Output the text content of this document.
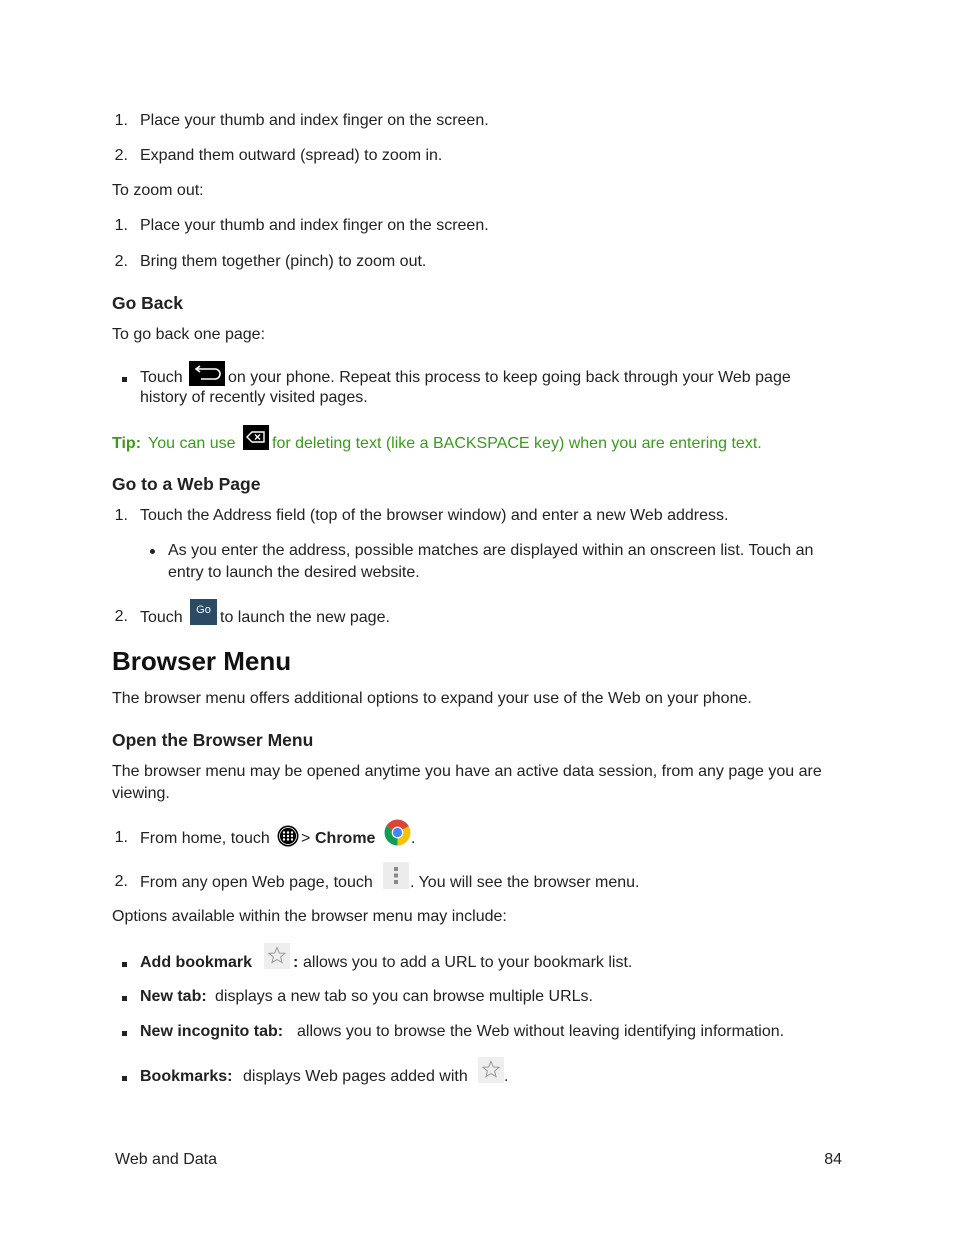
1. Place your thumb and index finger on the screen.
2. Expand them outward (spread) to zoom in.
To zoom out:
1. Place your thumb and index finger on the screen.
2. Bring them together (pinch) to zoom out.
Go Back
To go back one page:
Touch	on your phone. Repeat this process to keep going back through your Web page
history of recently visited pages.
Tip: You can use for deleting text (like a BACKSPACE key) when you are entering text.
Go to a Web Page
1. Touch the Address field (top of the browser window) and enter a new Web address.
As you enter the address, possible matches are displayed within an onscreen list. Touch an
entry to launch the desired website.
2. Touch	Go to launch the new page.
Browser Menu
The browser menu offers additional options to expand your use of the Web on your phone.
Open the Browser Menu
The browser menu may be opened anytime you have an active data session, from any page you are
viewing.
1. From home, touch > Chrome .
2. From any open Web page, touch . You will see the browser menu.
Options available within the browser menu may include:
Add bookmark	: allows you to add a URL to your bookmark list.
New tab: displays a new tab so you can browse multiple URLs.
New incognito tab: allows you to browse the Web without leaving identifying information.
Bookmarks: displays Web pages added with .
Web and Data	84
